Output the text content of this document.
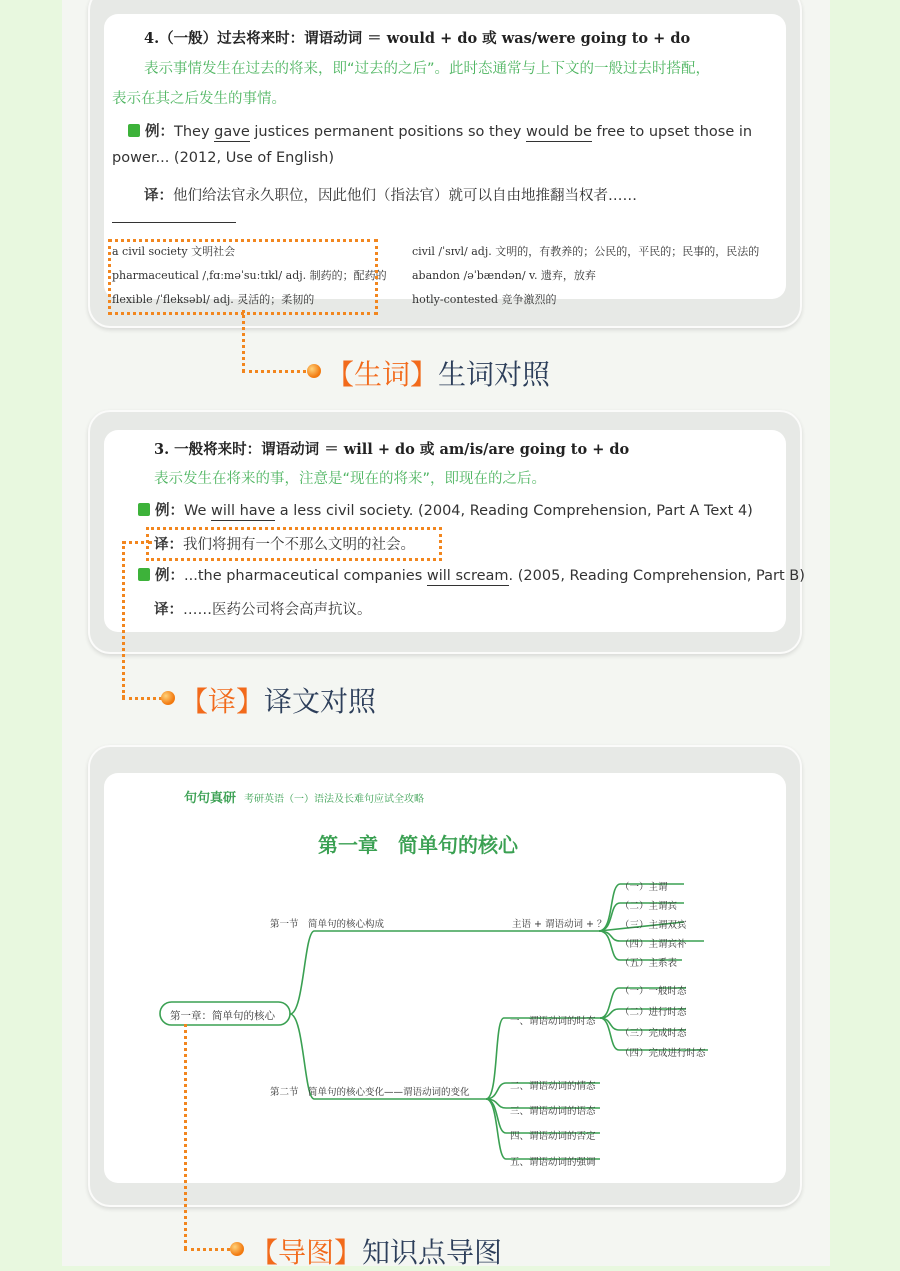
4.（一般）过去将来时：谓语动词 ＝ would + do 或 was/were going to + do
表示事情发生在过去的将来，即“过去的之后”。此时态通常与上下文的一般过去时搭配，
表示在其之后发生的事情。
例：They gave justices permanent positions so they would be free to upset those in
power... (2012, Use of English)
译：他们给法官永久职位，因此他们（指法官）就可以自由地推翻当权者……
a civil society 文明社会
pharmaceutical /ˌfɑːməˈsuːtɪkl/ adj. 制药的；配药的
flexible /ˈfleksəbl/ adj. 灵活的；柔韧的
civil /ˈsɪvl/ adj. 文明的，有教养的；公民的，平民的；民事的，民法的
abandon /əˈbændən/ v. 遗弃，放弃
hotly-contested 竞争激烈的
【生词】生词对照
3. 一般将来时：谓语动词 ＝ will + do 或 am/is/are going to + do
表示发生在将来的事，注意是“现在的将来”，即现在的之后。
例：We will have a less civil society. (2004, Reading Comprehension, Part A Text 4)
译：我们将拥有一个不那么文明的社会。
例：...the pharmaceutical companies will scream. (2005, Reading Comprehension, Part B)
译：……医药公司将会高声抗议。
【译】译文对照
句句真研 考研英语（一）语法及长难句应试全攻略
第一章　简单句的核心
第一章：简单句的核心
第一节　简单句的核心构成	主语 + 谓语动词 + ？
（一）主谓
（二）主谓宾
（三）主谓双宾
（四）主谓宾补
（五）主系表
第二节　简单句的核心变化——谓语动词的变化
一、谓语动词的时态
二、谓语动词的情态
三、谓语动词的语态
四、谓语动词的否定
五、谓语动词的强调
（一）一般时态
（二）进行时态
（三）完成时态
（四）完成进行时态
【导图】知识点导图
